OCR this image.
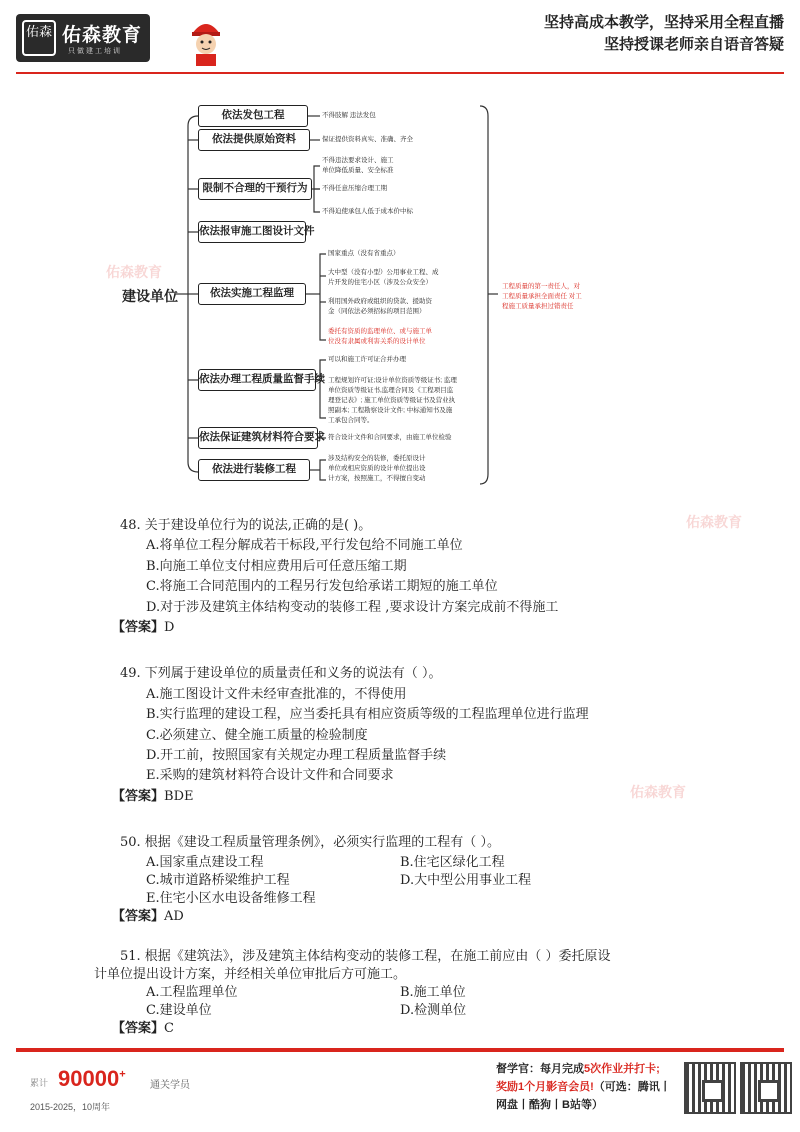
佑森 佑森教育
只做建工培训
坚持高成本教学，坚持采用全程直播
坚持授课老师亲自语音答疑
建设单位
依法发包工程
依法提供原始资料
限制不合理的干预行为
依法报审施工图设计文件
依法实施工程监理
依法办理工程质量监督手续
依法保证建筑材料符合要求
依法进行装修工程
不得肢解 违法发包
保证提供资料真实、准确、齐全
不得违法要求设计、施工
单位降低质量、安全标准
不得任意压缩合理工期
不得迫使承包人低于成本价中标
国家重点（没有省重点）
大中型（没有小型）公用事业工程、成
片开发的住宅小区（涉及公众安全）
利用国外政府或组织的贷款、援助资
金（同依法必须招标的项目范围）
委托有资质的监理单位、或与施工单
位没有隶属或利害关系的设计单位
可以和施工许可证合并办理
工程规划许可证;设计单位资质等级证书; 监理
单位资质等级证书,监理合同及《工程项目监
理登记表》; 施工单位资质等级证书及营业执
照副本; 工程勘察设计文件; 中标通知书及施
工承包合同等。
符合设计文件和合同要求，由施工单位检验
涉及结构安全的装修，委托原设计
单位或相应资质的设计单位提出设
计方案，按照施工，不得擅自变动
工程质量的第一责任人，对
工程质量承担全面责任 对工
程施工质量承担过错责任
佑森教育
佑森教育
佑森教育
48. 关于建设单位行为的说法,正确的是( )。
A.将单位工程分解成若干标段,平行发包给不同施工单位
B.向施工单位支付相应费用后可任意压缩工期
C.将施工合同范围内的工程另行发包给承诺工期短的施工单位
D.对于涉及建筑主体结构变动的装修工程 ,要求设计方案完成前不得施工
【答案】D
49. 下列属于建设单位的质量责任和义务的说法有（ ）。
A.施工图设计文件未经审查批准的，不得使用
B.实行监理的建设工程，应当委托具有相应资质等级的工程监理单位进行监理
C.必须建立、健全施工质量的检验制度
D.开工前，按照国家有关规定办理工程质量监督手续
E.采购的建筑材料符合设计文件和合同要求
【答案】BDE
50. 根据《建设工程质量管理条例》，必须实行监理的工程有（ ）。
A.国家重点建设工程	B.住宅区绿化工程
C.城市道路桥梁维护工程	D.大中型公用事业工程
E.住宅小区水电设备维修工程
【答案】AD
51. 根据《建筑法》，涉及建筑主体结构变动的装修工程，在施工前应由（ ）委托原设
计单位提出设计方案，并经相关单位审批后方可施工。
A.工程监理单位	B.施工单位
C.建设单位	D.检测单位
【答案】C
累计 90000+
通关学员
2015-2025，10周年
督学官：每月完成5次作业并打卡;
奖励1个月影音会员!（可选：腾讯丨
网盘丨酷狗丨B站等）
